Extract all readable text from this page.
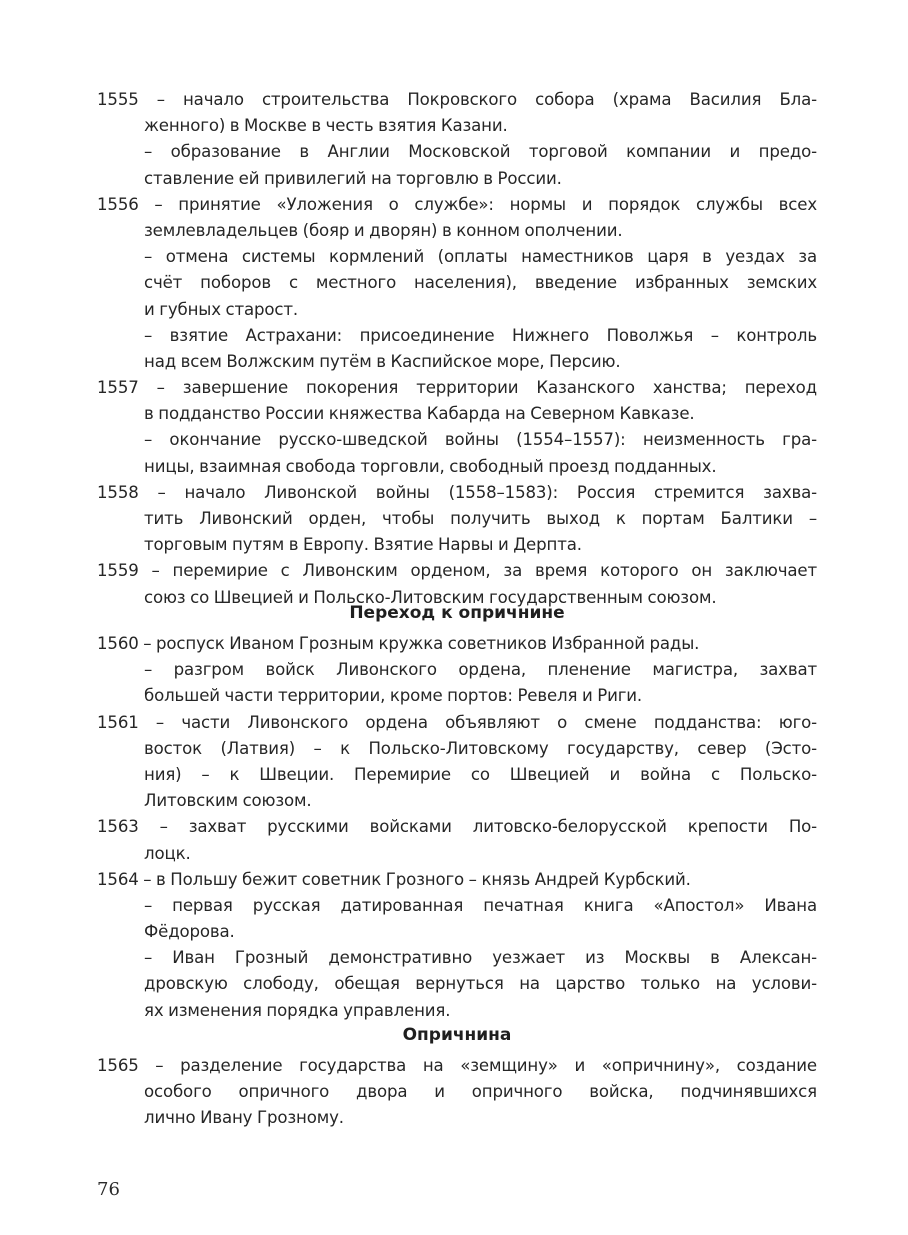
1555 – начало строительства Покровского собора (храма Василия Бла-
женного) в Москве в честь взятия Казани.
– образование в Англии Московской торговой компании и предо-
ставление ей привилегий на торговлю в России.
1556 – принятие «Уложения о службе»: нормы и порядок службы всех
землевладельцев (бояр и дворян) в конном ополчении.
– отмена системы кормлений (оплаты наместников царя в уездах за
счёт поборов с местного населения), введение избранных земских
и губных старост.
– взятие Астрахани: присоединение Нижнего Поволжья – контроль
над всем Волжским путём в Каспийское море, Персию.
1557 – завершение покорения территории Казанского ханства; переход
в подданство России княжества Кабарда на Северном Кавказе.
– окончание русско-шведской войны (1554–1557): неизменность гра-
ницы, взаимная свобода торговли, свободный проезд подданных.
1558 – начало Ливонской войны (1558–1583): Россия стремится захва-
тить Ливонский орден, чтобы получить выход к портам Балтики –
торговым путям в Европу. Взятие Нарвы и Дерпта.
1559 – перемирие с Ливонским орденом, за время которого он заключает
союз со Швецией и Польско-Литовским государственным союзом.
Переход к опричнине
1560 – роспуск Иваном Грозным кружка советников Избранной рады.
– разгром войск Ливонского ордена, пленение магистра, захват
большей части территории, кроме портов: Ревеля и Риги.
1561 – части Ливонского ордена объявляют о смене подданства: юго-
восток (Латвия) – к Польско-Литовскому государству, север (Эсто-
ния) – к Швеции. Перемирие со Швецией и война с Польско-
Литовским союзом.
1563 – захват русскими войсками литовско-белорусской крепости По-
лоцк.
1564 – в Польшу бежит советник Грозного – князь Андрей Курбский.
– первая русская датированная печатная книга «Апостол» Ивана
Фёдорова.
– Иван Грозный демонстративно уезжает из Москвы в Алексан-
дровскую слободу, обещая вернуться на царство только на услови-
ях изменения порядка управления.
Опричнина
1565 – разделение государства на «земщину» и «опричнину», создание
особого опричного двора и опричного войска, подчинявшихся
лично Ивану Грозному.
76
